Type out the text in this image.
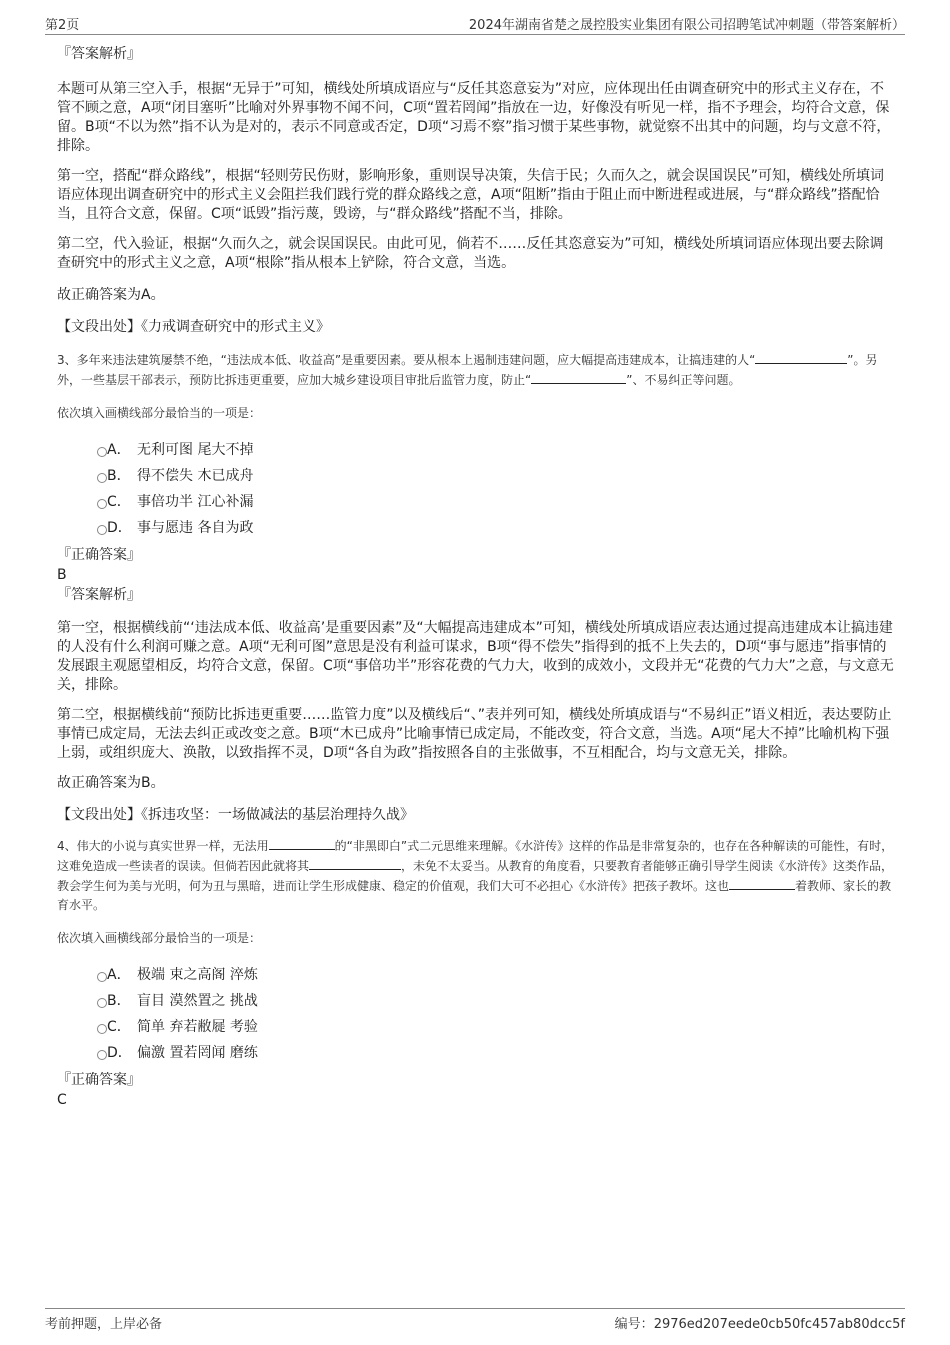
第2页	2024年湖南省楚之晟控股实业集团有限公司招聘笔试冲刺题（带答案解析）

『答案解析』

本题可从第三空入手，根据“无异于”可知，横线处所填成语应与“反任其恣意妄为”对应，应体现出任由调查研究中的形式主义存在，不管不顾之意，A项“闭目塞听”比喻对外界事物不闻不问，C项“置若罔闻”指放在一边，好像没有听见一样，指不予理会，均符合文意，保留。B项“不以为然”指不认为是对的，表示不同意或否定，D项“习焉不察”指习惯于某些事物，就觉察不出其中的问题，均与文意不符，排除。

第一空，搭配“群众路线”，根据“轻则劳民伤财，影响形象，重则误导决策，失信于民；久而久之，就会误国误民”可知，横线处所填词语应体现出调查研究中的形式主义会阻拦我们践行党的群众路线之意，A项“阻断”指由于阻止而中断进程或进展，与“群众路线”搭配恰当，且符合文意，保留。C项“诋毁”指污蔑，毁谤，与“群众路线”搭配不当，排除。

第二空，代入验证，根据“久而久之，就会误国误民。由此可见，倘若不……反任其恣意妄为”可知，横线处所填词语应体现出要去除调查研究中的形式主义之意，A项“根除”指从根本上铲除，符合文意，当选。

故正确答案为A。

【文段出处】《力戒调查研究中的形式主义》

3、多年来违法建筑屡禁不绝，“违法成本低、收益高”是重要因素。要从根本上遏制违建问题，应大幅提高违建成本，让搞违建的人“	”。另外，一些基层干部表示，预防比拆违更重要，应加大城乡建设项目审批后监管力度，防止“	”、不易纠正等问题。

依次填入画横线部分最恰当的一项是：

A． 无利可图 尾大不掉
B． 得不偿失 木已成舟
C． 事倍功半 江心补漏
D． 事与愿违 各自为政

『正确答案』

B

『答案解析』

第一空，根据横线前“‘违法成本低、收益高’是重要因素”及“大幅提高违建成本”可知，横线处所填成语应表达通过提高违建成本让搞违建的人没有什么利润可赚之意。A项“无利可图”意思是没有利益可谋求，B项“得不偿失”指得到的抵不上失去的，D项“事与愿违”指事情的发展跟主观愿望相反，均符合文意，保留。C项“事倍功半”形容花费的气力大，收到的成效小，文段并无“花费的气力大”之意，与文意无关，排除。

第二空，根据横线前“预防比拆违更重要……监管力度”以及横线后“、”表并列可知，横线处所填成语与“不易纠正”语义相近，表达要防止事情已成定局，无法去纠正或改变之意。B项“木已成舟”比喻事情已成定局，不能改变，符合文意，当选。A项“尾大不掉”比喻机构下强上弱，或组织庞大、涣散，以致指挥不灵，D项“各自为政”指按照各自的主张做事，不互相配合，均与文意无关，排除。

故正确答案为B。

【文段出处】《拆违攻坚：一场做减法的基层治理持久战》

4、伟大的小说与真实世界一样，无法用	的“非黑即白”式二元思维来理解。《水浒传》这样的作品是非常复杂的，也存在各种解读的可能性，有时，这难免造成一些读者的误读。但倘若因此就将其	，未免不太妥当。从教育的角度看，只要教育者能够正确引导学生阅读《水浒传》这类作品，教会学生何为美与光明，何为丑与黑暗，进而让学生形成健康、稳定的价值观，我们大可不必担心《水浒传》把孩子教坏。这也	着教师、家长的教育水平。

依次填入画横线部分最恰当的一项是：

A． 极端 束之高阁 淬炼
B． 盲目 漠然置之 挑战
C． 简单 弃若敝屣 考验
D． 偏激 置若罔闻 磨练

『正确答案』

C

考前押题，上岸必备	编号：2976ed207eede0cb50fc457ab80dcc5f
